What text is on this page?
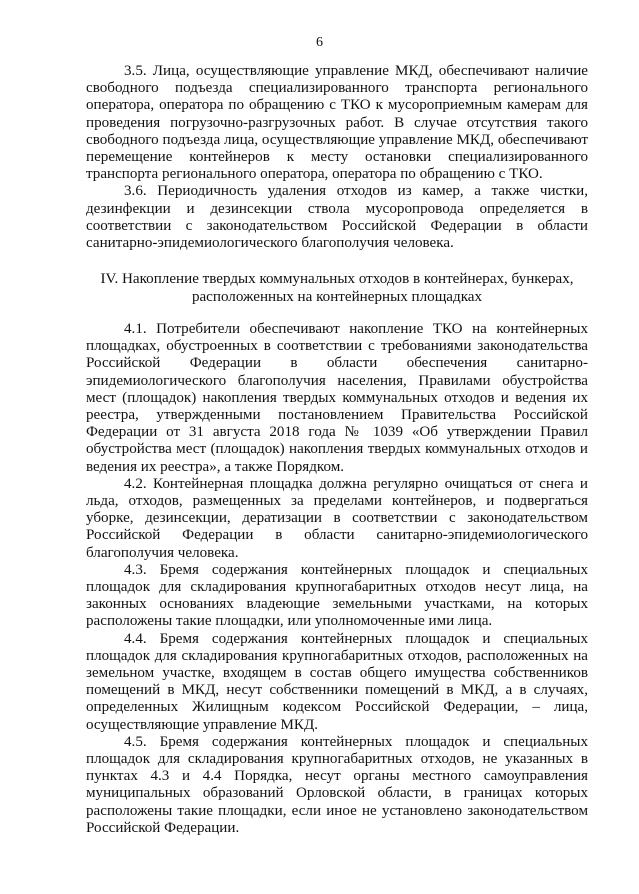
6

3.5. Лица, осуществляющие управление МКД, обеспечивают наличие свободного подъезда специализированного транспорта регионального оператора, оператора по обращению с ТКО к мусороприемным камерам для проведения погрузочно-разгрузочных работ. В случае отсутствия такого свободного подъезда лица, осуществляющие управление МКД, обеспечивают перемещение контейнеров к месту остановки специализированного транспорта регионального оператора, оператора по обращению с ТКО.

3.6. Периодичность удаления отходов из камер, а также чистки, дезинфекции и дезинсекции ствола мусоропровода определяется в соответствии с законодательством Российской Федерации в области санитарно-эпидемиологического благополучия человека.

IV. Накопление твердых коммунальных отходов в контейнерах, бункерах,
расположенных на контейнерных площадках

4.1. Потребители обеспечивают накопление ТКО на контейнерных площадках, обустроенных в соответствии с требованиями законодательства Российской Федерации в области обеспечения санитарно-эпидемиологического благополучия населения, Правилами обустройства мест (площадок) накопления твердых коммунальных отходов и ведения их реестра, утвержденными постановлением Правительства Российской Федерации от 31 августа 2018 года № 1039 «Об утверждении Правил обустройства мест (площадок) накопления твердых коммунальных отходов и ведения их реестра», а также Порядком.

4.2. Контейнерная площадка должна регулярно очищаться от снега и льда, отходов, размещенных за пределами контейнеров, и подвергаться уборке, дезинсекции, дератизации в соответствии с законодательством Российской Федерации в области санитарно-эпидемиологического благополучия человека.

4.3. Бремя содержания контейнерных площадок и специальных площадок для складирования крупногабаритных отходов несут лица, на законных основаниях владеющие земельными участками, на которых расположены такие площадки, или уполномоченные ими лица.

4.4. Бремя содержания контейнерных площадок и специальных площадок для складирования крупногабаритных отходов, расположенных на земельном участке, входящем в состав общего имущества собственников помещений в МКД, несут собственники помещений в МКД, а в случаях, определенных Жилищным кодексом Российской Федерации, – лица, осуществляющие управление МКД.

4.5. Бремя содержания контейнерных площадок и специальных площадок для складирования крупногабаритных отходов, не указанных в пунктах 4.3 и 4.4 Порядка, несут органы местного самоуправления муниципальных образований Орловской области, в границах которых расположены такие площадки, если иное не установлено законодательством Российской Федерации.
